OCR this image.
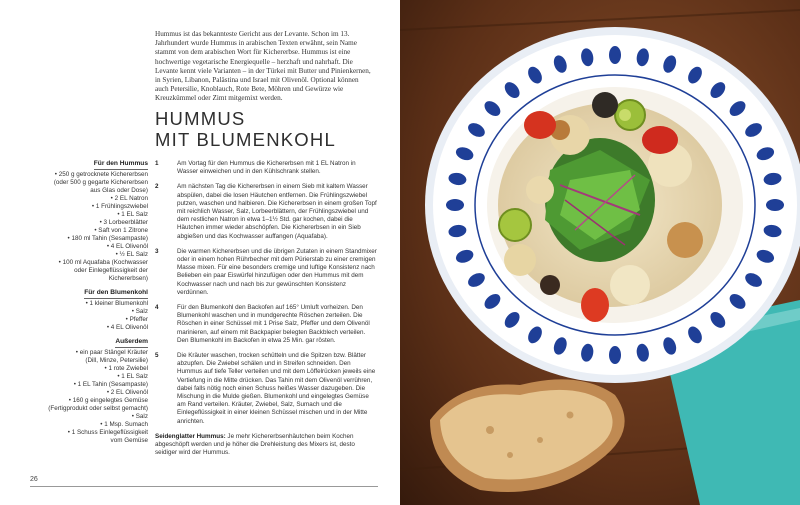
Hummus ist das bekannteste Gericht aus der Levante. Schon im 13. Jahrhundert wurde Hummus in arabischen Texten erwähnt, sein Name stammt von dem arabischen Wort für Kichererbse. Hummus ist eine hochwertige vegetarische Energiequelle – herzhaft und nahrhaft. Die Levante kennt viele Varianten – in der Türkei mit Butter und Pinienkernen, in Syrien, Libanon, Palästina und Israel mit Olivenöl. Optional können auch Petersilie, Knoblauch, Rote Bete, Möhren und Gewürze wie Kreuzkümmel oder Zimt mitgemixt werden.

HUMMUS
MIT BLUMENKOHL
Für den Hummus
• 250 g getrocknete Kichererbsen
(oder 500 g gegarte Kichererbsen
aus Glas oder Dose)
• 2 EL Natron
• 1 Frühlingszwiebel
• 1 EL Salz
• 3 Lorbeerblätter
• Saft von 1 Zitrone
• 180 ml Tahin (Sesampaste)
• 4 EL Olivenöl
• ½ EL Salz
• 100 ml Aquafaba (Kochwasser
oder Einlegeflüssigkeit der
Kichererbsen)
Für den Blumenkohl
• 1 kleiner Blumenkohl
• Salz
• Pfeffer
• 4 EL Olivenöl
Außerdem
• ein paar Stängel Kräuter
(Dill, Minze, Petersilie)
• 1 rote Zwiebel
• 1 EL Salz
• 1 EL Tahin (Sesampaste)
• 2 EL Olivenöl
• 160 g eingelegtes Gemüse
(Fertigprodukt oder selbst gemacht)
• Salz
• 1 Msp. Sumach
• 1 Schuss Einlegeflüssigkeit
vom Gemüse
1	Am Vortag für den Hummus die Kichererbsen mit 1 EL Natron in Wasser einweichen und in den Kühlschrank stellen.
2	Am nächsten Tag die Kichererbsen in einem Sieb mit kaltem Wasser abspülen, dabei die losen Häutchen entfernen. Die Frühlingszwiebel putzen, waschen und halbieren. Die Kichererbsen in einem großen Topf mit reichlich Wasser, Salz, Lorbeerblättern, der Frühlingszwiebel und dem restlichen Natron in etwa 1–1½ Std. gar kochen, dabei die Häutchen immer wieder abschöpfen. Die Kichererbsen in ein Sieb abgießen und das Kochwasser auffangen (Aquafaba).
3	Die warmen Kichererbsen und die übrigen Zutaten in einem Standmixer oder in einem hohen Rührbecher mit dem Pürierstab zu einer cremigen Masse mixen. Für eine besonders cremige und luftige Konsistenz nach Belieben ein paar Eiswürfel hinzufügen oder den Hummus mit dem Kochwasser nach und nach bis zur gewünschten Konsistenz verdünnen.
4	Für den Blumenkohl den Backofen auf 165° Umluft vorheizen. Den Blumenkohl waschen und in mundgerechte Röschen zerteilen. Die Röschen in einer Schüssel mit 1 Prise Salz, Pfeffer und dem Olivenöl marinieren, auf einem mit Backpapier belegten Backblech verteilen. Den Blumenkohl im Backofen in etwa 25 Min. gar rösten.
5	Die Kräuter waschen, trocken schütteln und die Spitzen bzw. Blätter abzupfen. Die Zwiebel schälen und in Streifen schneiden. Den Hummus auf tiefe Teller verteilen und mit dem Löffelrücken jeweils eine Vertiefung in die Mitte drücken. Das Tahin mit dem Olivenöl verrühren, dabei falls nötig noch einen Schuss heißes Wasser dazugeben. Die Mischung in die Mulde gießen. Blumenkohl und eingelegtes Gemüse am Rand verteilen. Kräuter, Zwiebel, Salz, Sumach und die Einlegeflüssigkeit in einer kleinen Schüssel mischen und in der Mitte anrichten.

Seidenglatter Hummus: Je mehr Kichererbsenhäutchen beim Kochen abgeschöpft werden und je höher die Drehleistung des Mixers ist, desto seidiger wird der Hummus.

26
